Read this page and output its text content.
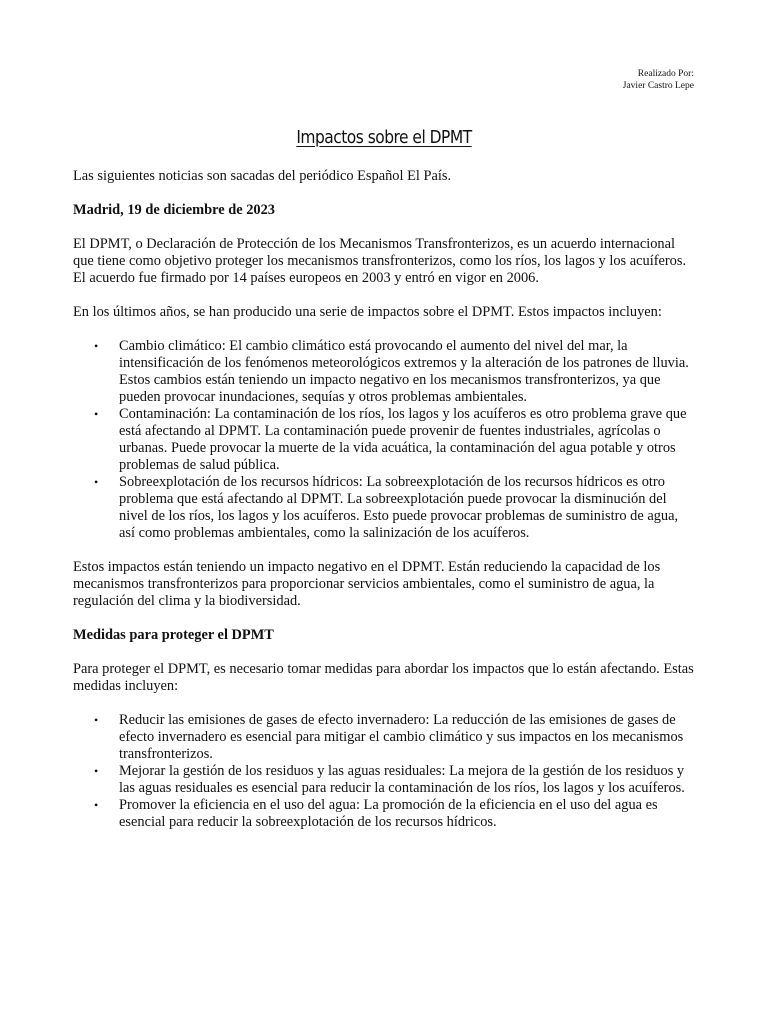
Realizado Por:
Javier Castro Lepe
Impactos sobre el DPMT

Las siguientes noticias son sacadas del periódico Español El País.

Madrid, 19 de diciembre de 2023

El DPMT, o Declaración de Protección de los Mecanismos Transfronterizos, es un acuerdo internacional que tiene como objetivo proteger los mecanismos transfronterizos, como los ríos, los lagos y los acuíferos. El acuerdo fue firmado por 14 países europeos en 2003 y entró en vigor en 2006.

En los últimos años, se han producido una serie de impactos sobre el DPMT. Estos impactos incluyen:

• Cambio climático: El cambio climático está provocando el aumento del nivel del mar, la intensificación de los fenómenos meteorológicos extremos y la alteración de los patrones de lluvia. Estos cambios están teniendo un impacto negativo en los mecanismos transfronterizos, ya que pueden provocar inundaciones, sequías y otros problemas ambientales.
• Contaminación: La contaminación de los ríos, los lagos y los acuíferos es otro problema grave que está afectando al DPMT. La contaminación puede provenir de fuentes industriales, agrícolas o urbanas. Puede provocar la muerte de la vida acuática, la contaminación del agua potable y otros problemas de salud pública.
• Sobreexplotación de los recursos hídricos: La sobreexplotación de los recursos hídricos es otro problema que está afectando al DPMT. La sobreexplotación puede provocar la disminución del nivel de los ríos, los lagos y los acuíferos. Esto puede provocar problemas de suministro de agua, así como problemas ambientales, como la salinización de los acuíferos.

Estos impactos están teniendo un impacto negativo en el DPMT. Están reduciendo la capacidad de los mecanismos transfronterizos para proporcionar servicios ambientales, como el suministro de agua, la regulación del clima y la biodiversidad.

Medidas para proteger el DPMT

Para proteger el DPMT, es necesario tomar medidas para abordar los impactos que lo están afectando. Estas medidas incluyen:

• Reducir las emisiones de gases de efecto invernadero: La reducción de las emisiones de gases de efecto invernadero es esencial para mitigar el cambio climático y sus impactos en los mecanismos transfronterizos.
• Mejorar la gestión de los residuos y las aguas residuales: La mejora de la gestión de los residuos y las aguas residuales es esencial para reducir la contaminación de los ríos, los lagos y los acuíferos.
• Promover la eficiencia en el uso del agua: La promoción de la eficiencia en el uso del agua es esencial para reducir la sobreexplotación de los recursos hídricos.
